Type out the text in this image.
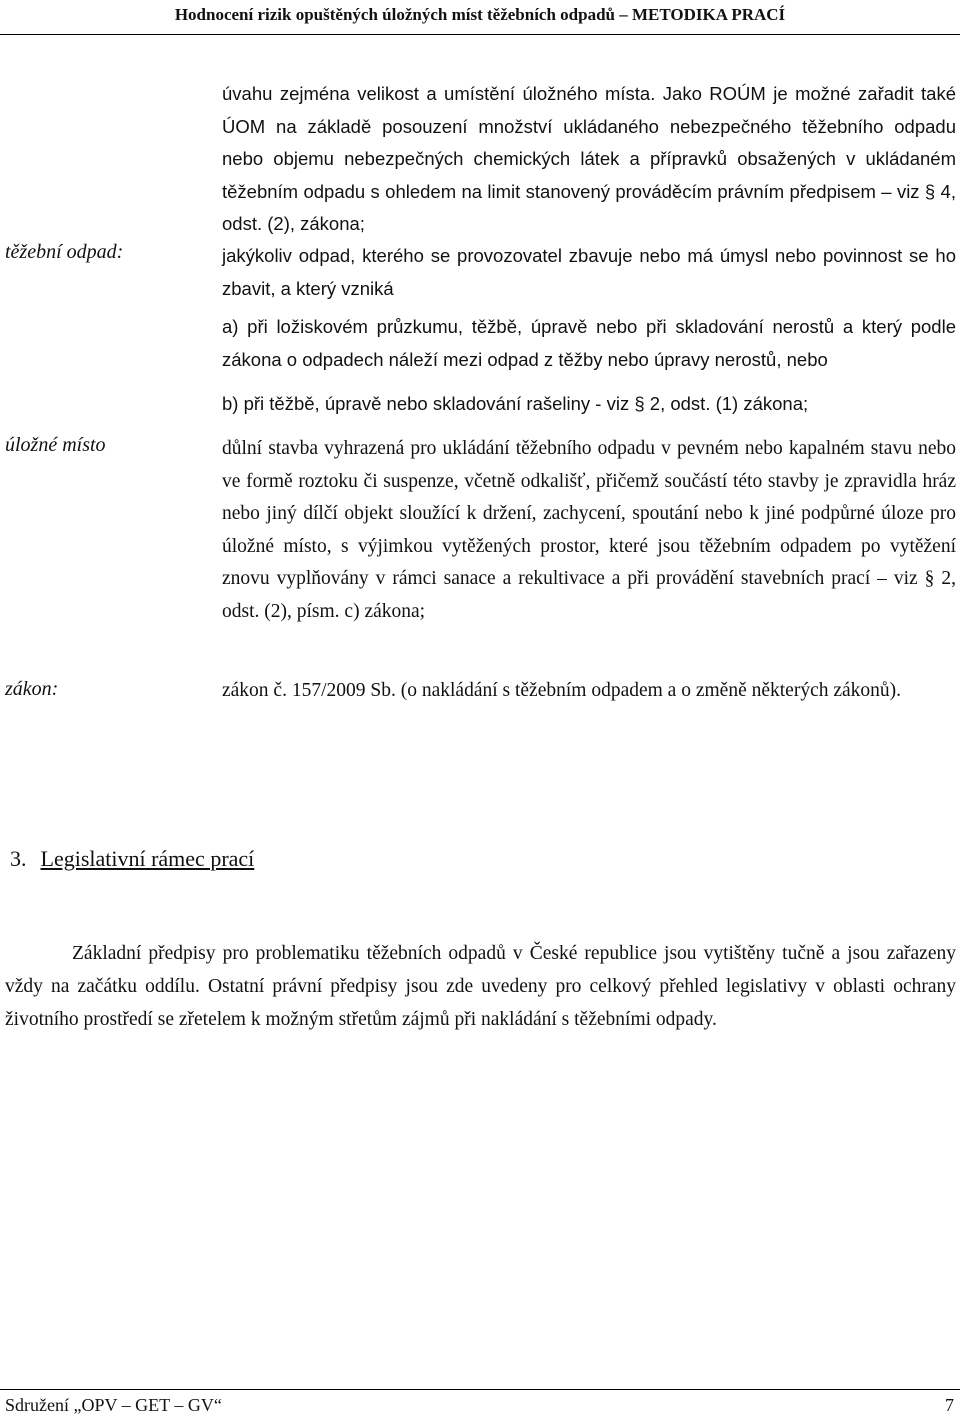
Hodnocení rizik opuštěných úložných míst těžebních odpadů – METODIKA PRACÍ
úvahu zejména velikost a umístění úložného místa. Jako ROÚM je možné zařadit také ÚOM na základě posouzení množství ukládaného nebezpečného těžebního odpadu nebo objemu nebezpečných chemických látek a přípravků obsažených v ukládaném těžebním odpadu s ohledem na limit stanovený prováděcím právním předpisem – viz § 4, odst. (2), zákona;
těžební odpad:	jakýkoliv odpad, kterého se provozovatel zbavuje nebo má úmysl nebo povinnost se ho zbavit, a který vzniká
a) při ložiskovém průzkumu, těžbě, úpravě nebo při skladování nerostů a který podle zákona o odpadech náleží mezi odpad z těžby nebo úpravy nerostů, nebo
b) při těžbě, úpravě nebo skladování rašeliny - viz § 2, odst. (1) zákona;
úložné místo	důlní stavba vyhrazená pro ukládání těžebního odpadu v pevném nebo kapalném stavu nebo ve formě roztoku či suspenze, včetně odkališť, přičemž součástí této stavby je zpravidla hráz nebo jiný dílčí objekt sloužící k držení, zachycení, spoutání nebo k jiné podpůrné úloze pro úložné místo, s výjimkou vytěžených prostor, které jsou těžebním odpadem po vytěžení znovu vyplňovány v rámci sanace a rekultivace a při provádění stavebních prací – viz § 2, odst. (2), písm. c) zákona;
zákon:	zákon č. 157/2009 Sb. (o nakládání s těžebním odpadem a o změně některých zákonů).
3. Legislativní rámec prací
Základní předpisy pro problematiku těžebních odpadů v České republice jsou vytištěny tučně a jsou zařazeny vždy na začátku oddílu. Ostatní právní předpisy jsou zde uvedeny pro celkový přehled legislativy v oblasti ochrany životního prostředí se zřetelem k možným střetům zájmů při nakládání s těžebními odpady.
Sdružení „OPV – GET – GV“	7
